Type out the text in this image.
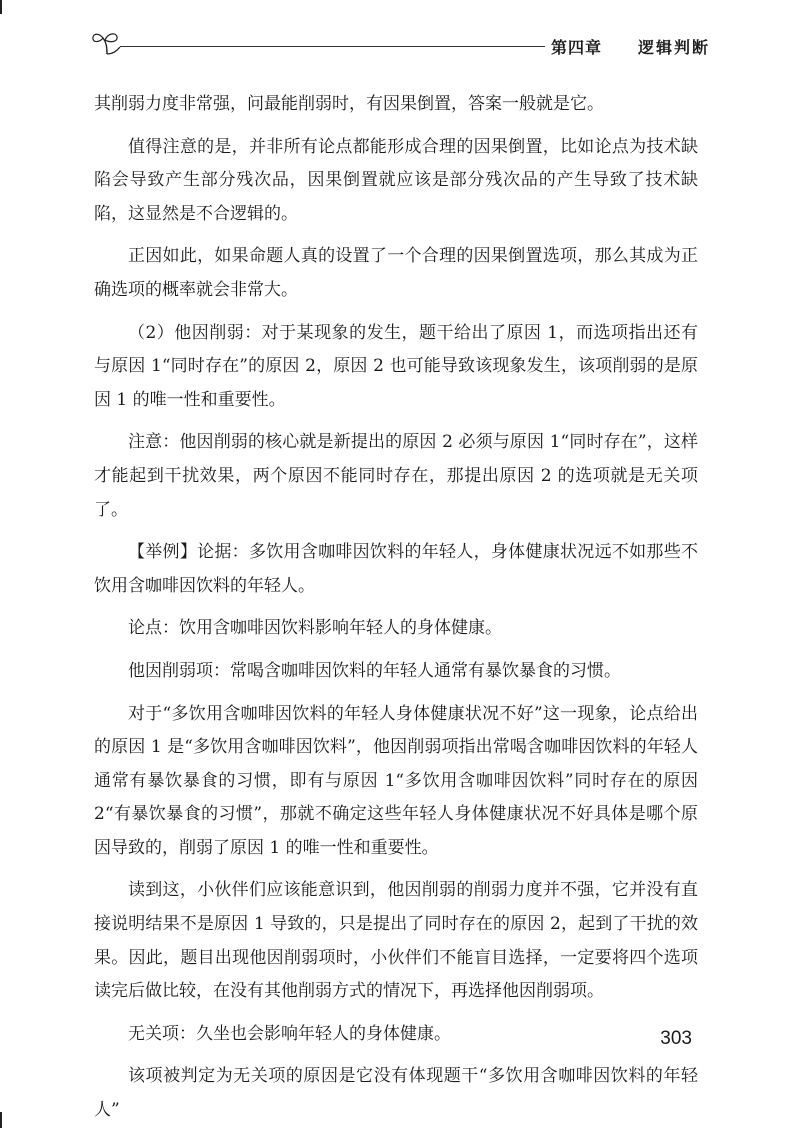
第四章 逻辑判断

其削弱力度非常强，问最能削弱时，有因果倒置，答案一般就是它。

值得注意的是，并非所有论点都能形成合理的因果倒置，比如论点为技术缺陷会导致产生部分残次品，因果倒置就应该是部分残次品的产生导致了技术缺陷，这显然是不合逻辑的。

正因如此，如果命题人真的设置了一个合理的因果倒置选项，那么其成为正确选项的概率就会非常大。

（2）他因削弱：对于某现象的发生，题干给出了原因 1，而选项指出还有与原因 1“同时存在”的原因 2，原因 2 也可能导致该现象发生，该项削弱的是原因 1 的唯一性和重要性。

注意：他因削弱的核心就是新提出的原因 2 必须与原因 1“同时存在”，这样才能起到干扰效果，两个原因不能同时存在，那提出原因 2 的选项就是无关项了。

【举例】论据：多饮用含咖啡因饮料的年轻人，身体健康状况远不如那些不饮用含咖啡因饮料的年轻人。

论点：饮用含咖啡因饮料影响年轻人的身体健康。

他因削弱项：常喝含咖啡因饮料的年轻人通常有暴饮暴食的习惯。

对于“多饮用含咖啡因饮料的年轻人身体健康状况不好”这一现象，论点给出的原因 1 是“多饮用含咖啡因饮料”，他因削弱项指出常喝含咖啡因饮料的年轻人通常有暴饮暴食的习惯，即有与原因 1“多饮用含咖啡因饮料”同时存在的原因 2“有暴饮暴食的习惯”，那就不确定这些年轻人身体健康状况不好具体是哪个原因导致的，削弱了原因 1 的唯一性和重要性。

读到这，小伙伴们应该能意识到，他因削弱的削弱力度并不强，它并没有直接说明结果不是原因 1 导致的，只是提出了同时存在的原因 2，起到了干扰的效果。因此，题目出现他因削弱项时，小伙伴们不能盲目选择，一定要将四个选项读完后做比较，在没有其他削弱方式的情况下，再选择他因削弱项。

无关项：久坐也会影响年轻人的身体健康。

该项被判定为无关项的原因是它没有体现题干“多饮用含咖啡因饮料的年轻人”

303
